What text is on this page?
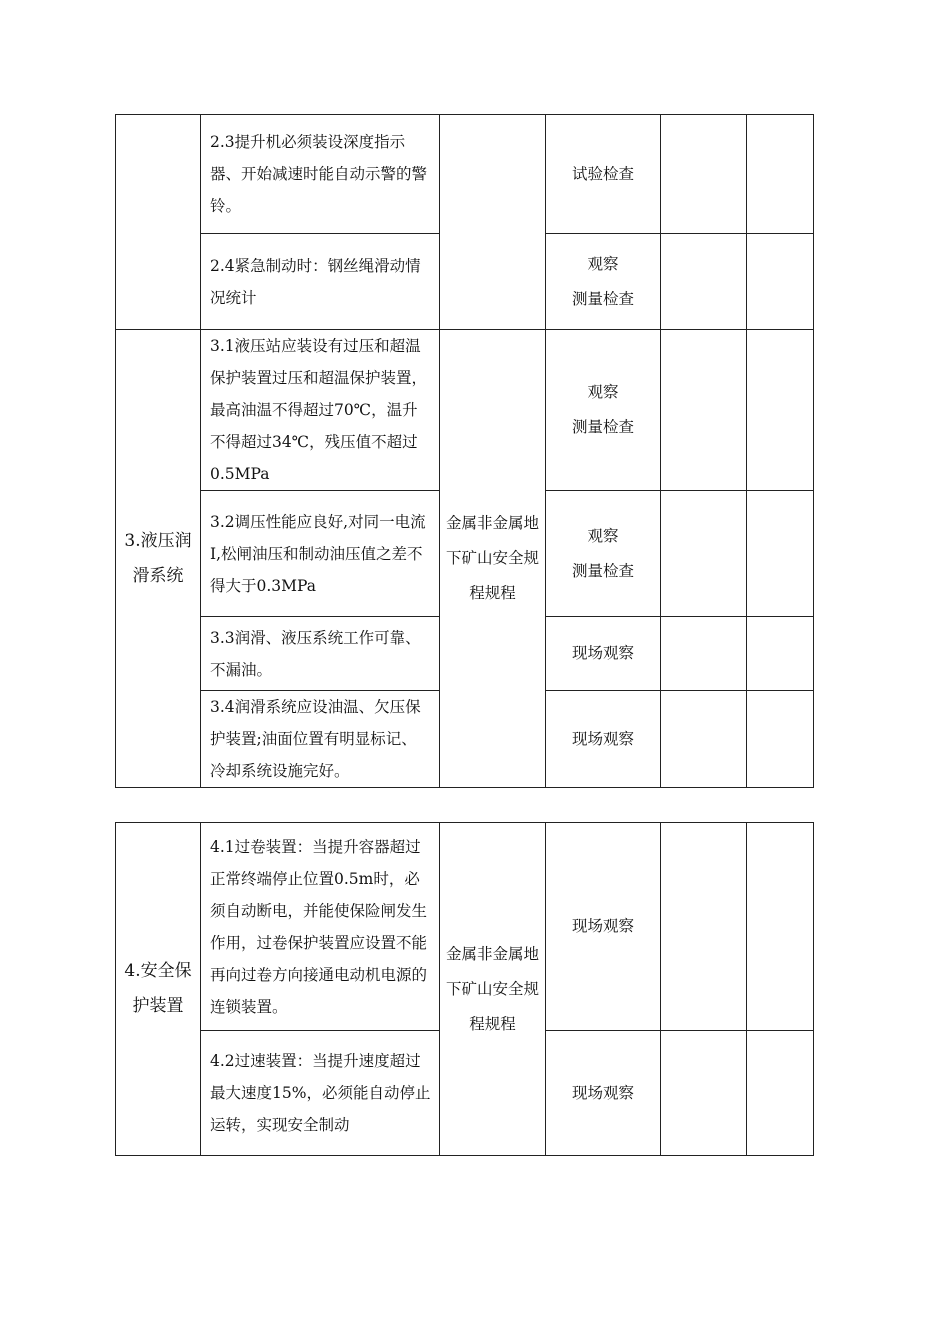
	2.3提升机必须装设深度指示器、开始减速时能自动示警的警铃。		试验检查		
	2.4紧急制动时：钢丝绳滑动情况统计		观察
测量检查		
3.液压润滑系统	3.1液压站应装设有过压和超温保护装置过压和超温保护装置，最高油温不得超过70℃，温升不得超过34℃，残压值不超过0.5MPa	金属非金属地下矿山安全规程规程	观察
测量检查		
	3.2调压性能应良好,对同一电流I,松闸油压和制动油压值之差不得大于0.3MPa		观察
测量检查		
	3.3润滑、液压系统工作可靠、不漏油。		现场观察		
	3.4润滑系统应设油温、欠压保护装置;油面位置有明显标记、冷却系统设施完好。		现场观察		
4.安全保护装置	4.1过卷装置：当提升容器超过正常终端停止位置0.5m时，必须自动断电，并能使保险闸发生作用，过卷保护装置应设置不能再向过卷方向接通电动机电源的连锁装置。	金属非金属地下矿山安全规程规程	现场观察		
	4.2过速装置：当提升速度超过最大速度15%，必须能自动停止运转，实现安全制动		现场观察		
